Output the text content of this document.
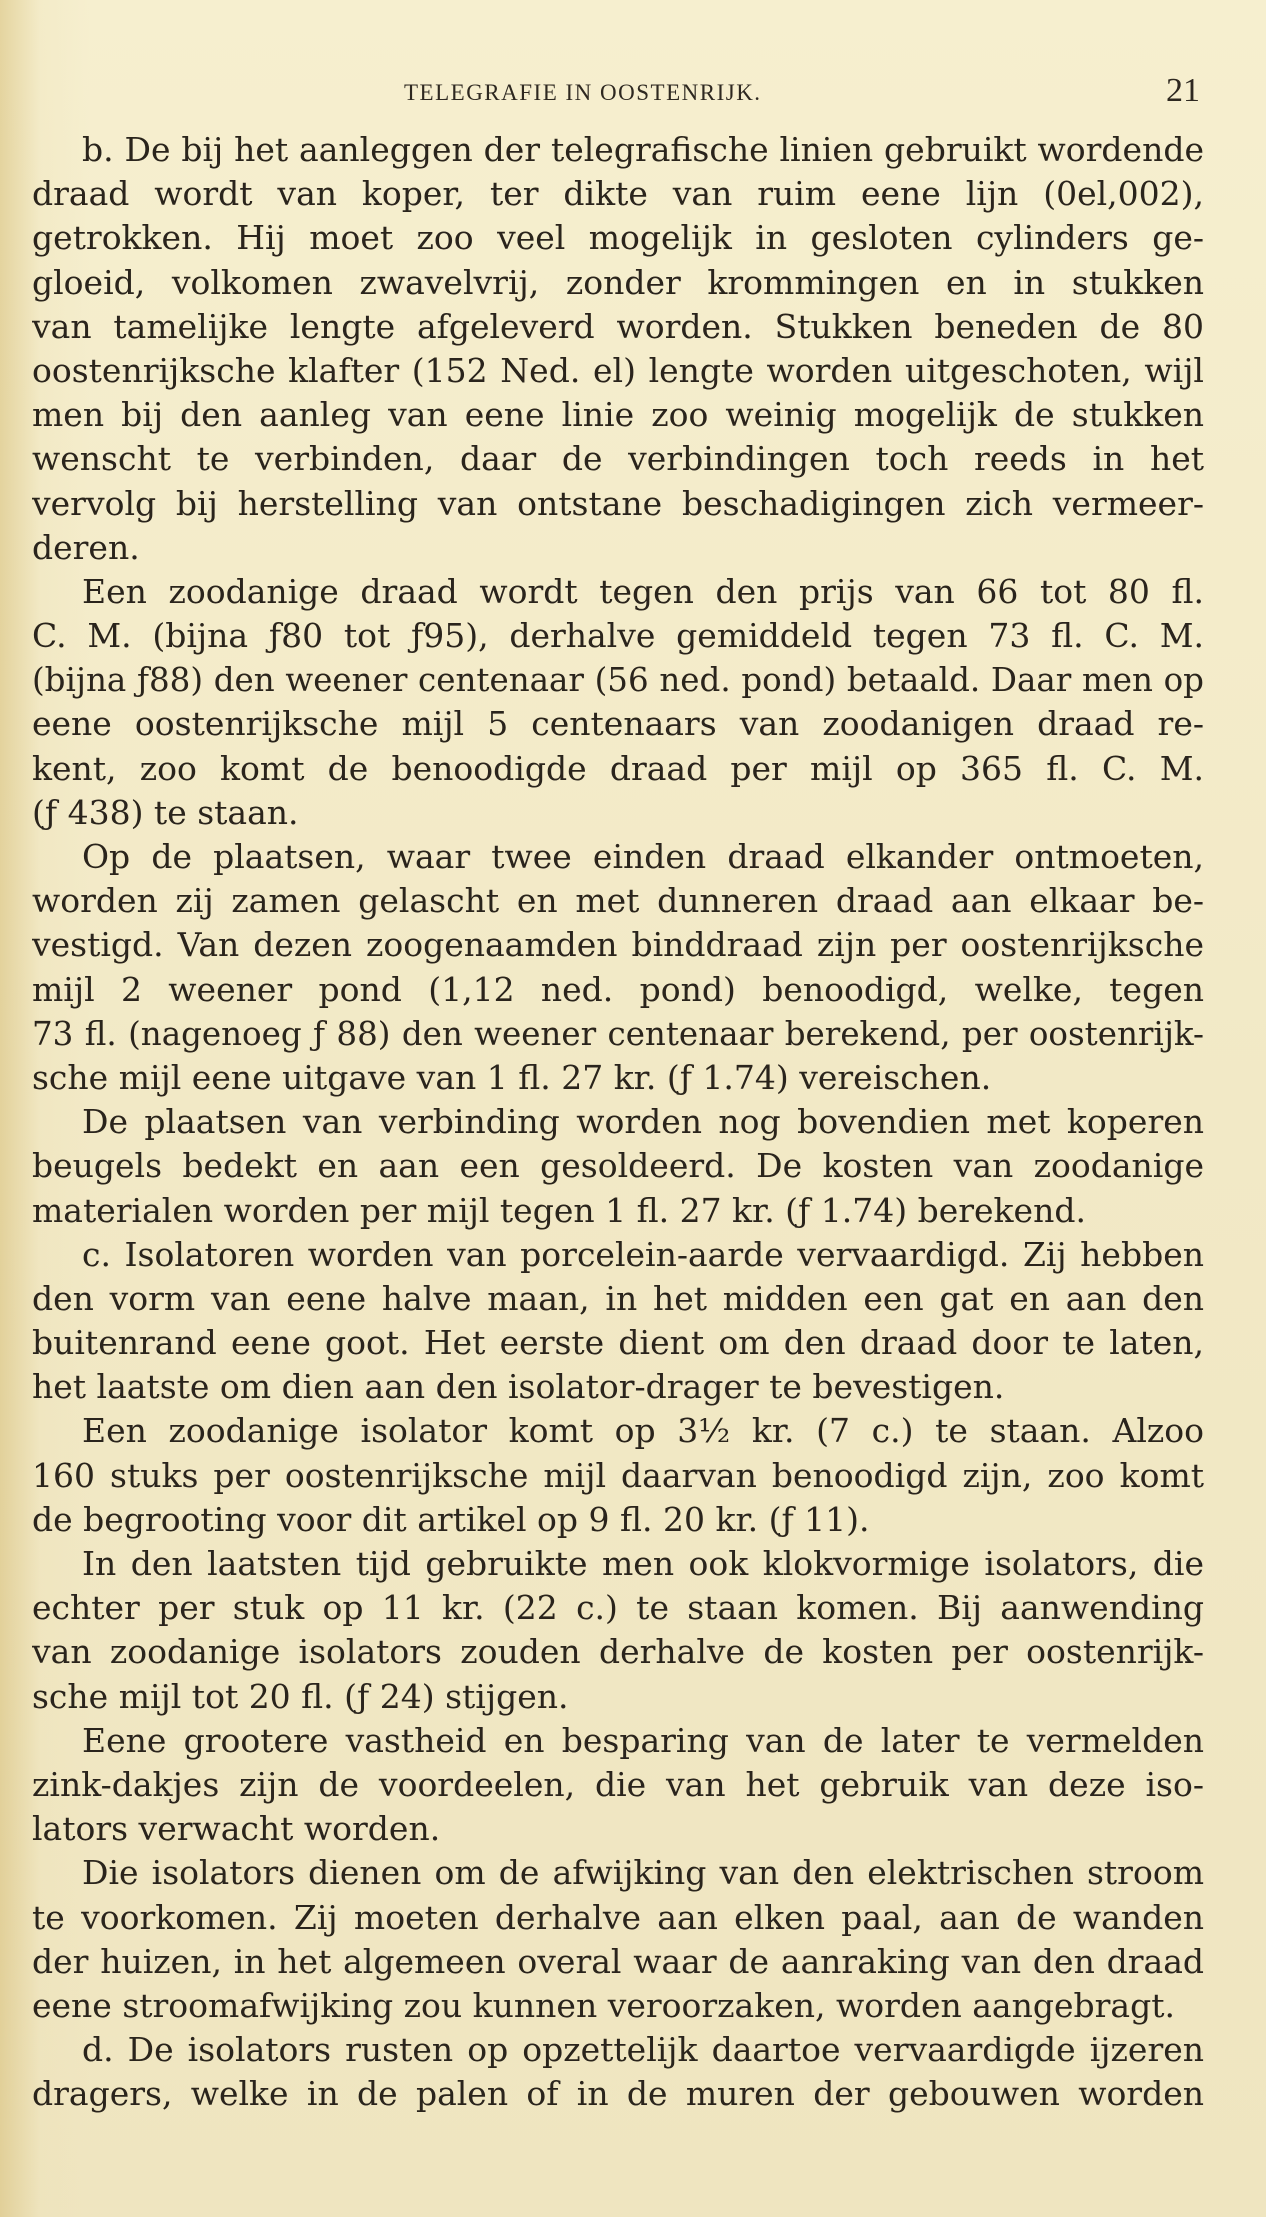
TELEGRAFIE IN OOSTENRIJK.	21
b. De bij het aanleggen der telegrafische linien gebruikt wordende
draad wordt van koper, ter dikte van ruim eene lijn (0el,002),
getrokken. Hij moet zoo veel mogelijk in gesloten cylinders ge-
gloeid, volkomen zwavelvrij, zonder krommingen en in stukken
van tamelijke lengte afgeleverd worden. Stukken beneden de 80
oostenrijksche klafter (152 Ned. el) lengte worden uitgeschoten, wijl
men bij den aanleg van eene linie zoo weinig mogelijk de stukken
wenscht te verbinden, daar de verbindingen toch reeds in het
vervolg bij herstelling van ontstane beschadigingen zich vermeer-
deren.
Een zoodanige draad wordt tegen den prijs van 66 tot 80 fl.
C. M. (bijna ƒ80 tot ƒ95), derhalve gemiddeld tegen 73 fl. C. M.
(bijna ƒ88) den weener centenaar (56 ned. pond) betaald. Daar men op
eene oostenrijksche mijl 5 centenaars van zoodanigen draad re-
kent, zoo komt de benoodigde draad per mijl op 365 fl. C. M.
(ƒ 438) te staan.
Op de plaatsen, waar twee einden draad elkander ontmoeten,
worden zij zamen gelascht en met dunneren draad aan elkaar be-
vestigd. Van dezen zoogenaamden binddraad zijn per oostenrijksche
mijl 2 weener pond (1,12 ned. pond) benoodigd, welke, tegen
73 fl. (nagenoeg ƒ 88) den weener centenaar berekend, per oostenrijk-
sche mijl eene uitgave van 1 fl. 27 kr. (ƒ 1.74) vereischen.
De plaatsen van verbinding worden nog bovendien met koperen
beugels bedekt en aan een gesoldeerd. De kosten van zoodanige
materialen worden per mijl tegen 1 fl. 27 kr. (ƒ 1.74) berekend.
c. Isolatoren worden van porcelein-aarde vervaardigd. Zij hebben
den vorm van eene halve maan, in het midden een gat en aan den
buitenrand eene goot. Het eerste dient om den draad door te laten,
het laatste om dien aan den isolator-drager te bevestigen.
Een zoodanige isolator komt op 3½ kr. (7 c.) te staan. Alzoo
160 stuks per oostenrijksche mijl daarvan benoodigd zijn, zoo komt
de begrooting voor dit artikel op 9 fl. 20 kr. (ƒ 11).
In den laatsten tijd gebruikte men ook klokvormige isolators, die
echter per stuk op 11 kr. (22 c.) te staan komen. Bij aanwending
van zoodanige isolators zouden derhalve de kosten per oostenrijk-
sche mijl tot 20 fl. (ƒ 24) stijgen.
Eene grootere vastheid en besparing van de later te vermelden
zink-dakjes zijn de voordeelen, die van het gebruik van deze iso-
lators verwacht worden.
Die isolators dienen om de afwijking van den elektrischen stroom
te voorkomen. Zij moeten derhalve aan elken paal, aan de wanden
der huizen, in het algemeen overal waar de aanraking van den draad
eene stroomafwijking zou kunnen veroorzaken, worden aangebragt.
d. De isolators rusten op opzettelijk daartoe vervaardigde ijzeren
dragers, welke in de palen of in de muren der gebouwen worden
